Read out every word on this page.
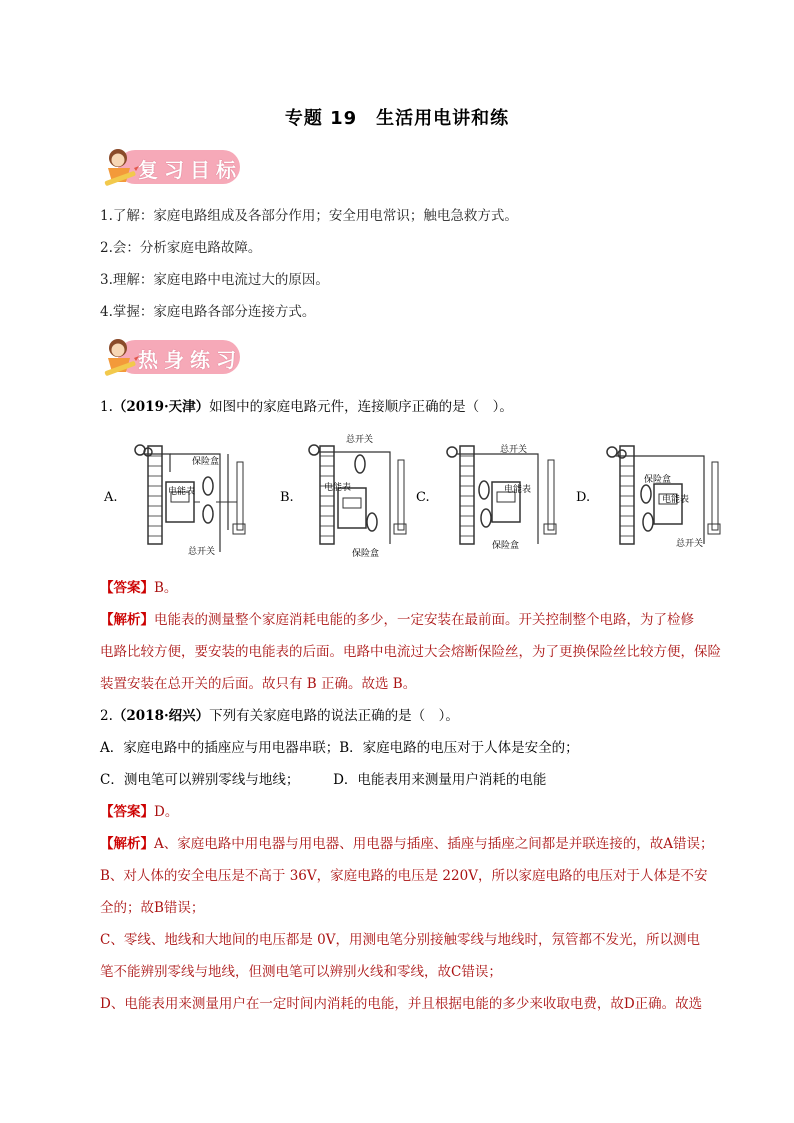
专题 19　生活用电讲和练
复习目标
1.了解：家庭电路组成及各部分作用；安全用电常识；触电急救方式。
2.会：分析家庭电路故障。
3.理解：家庭电路中电流过大的原因。
4.掌握：家庭电路各部分连接方式。
热身练习
1.（2019·天津）如图中的家庭电路元件，连接顺序正确的是（　）。
A.
保险盒
电能表
总开关
B.
总开关
电能表
保险盒
C.
总开关
电能表
保险盒
D.
保险盒
电能表
总开关
【答案】B。
【解析】电能表的测量整个家庭消耗电能的多少，一定安装在最前面。开关控制整个电路，为了检修
电路比较方便，要安装的电能表的后面。电路中电流过大会熔断保险丝，为了更换保险丝比较方便，保险
装置安装在总开关的后面。故只有 B 正确。故选 B。
2.（2018·绍兴）下列有关家庭电路的说法正确的是（　）。
A．家庭电路中的插座应与用电器串联；B．家庭电路的电压对于人体是安全的；
C．测电笔可以辨别零线与地线；　　　D．电能表用来测量用户消耗的电能
【答案】D。
【解析】A、家庭电路中用电器与用电器、用电器与插座、插座与插座之间都是并联连接的，故A错误；
B、对人体的安全电压是不高于 36V，家庭电路的电压是 220V，所以家庭电路的电压对于人体是不安
全的；故B错误；
C、零线、地线和大地间的电压都是 0V，用测电笔分别接触零线与地线时，氖管都不发光，所以测电
笔不能辨别零线与地线，但测电笔可以辨别火线和零线，故C错误；
D、电能表用来测量用户在一定时间内消耗的电能，并且根据电能的多少来收取电费，故D正确。故选
